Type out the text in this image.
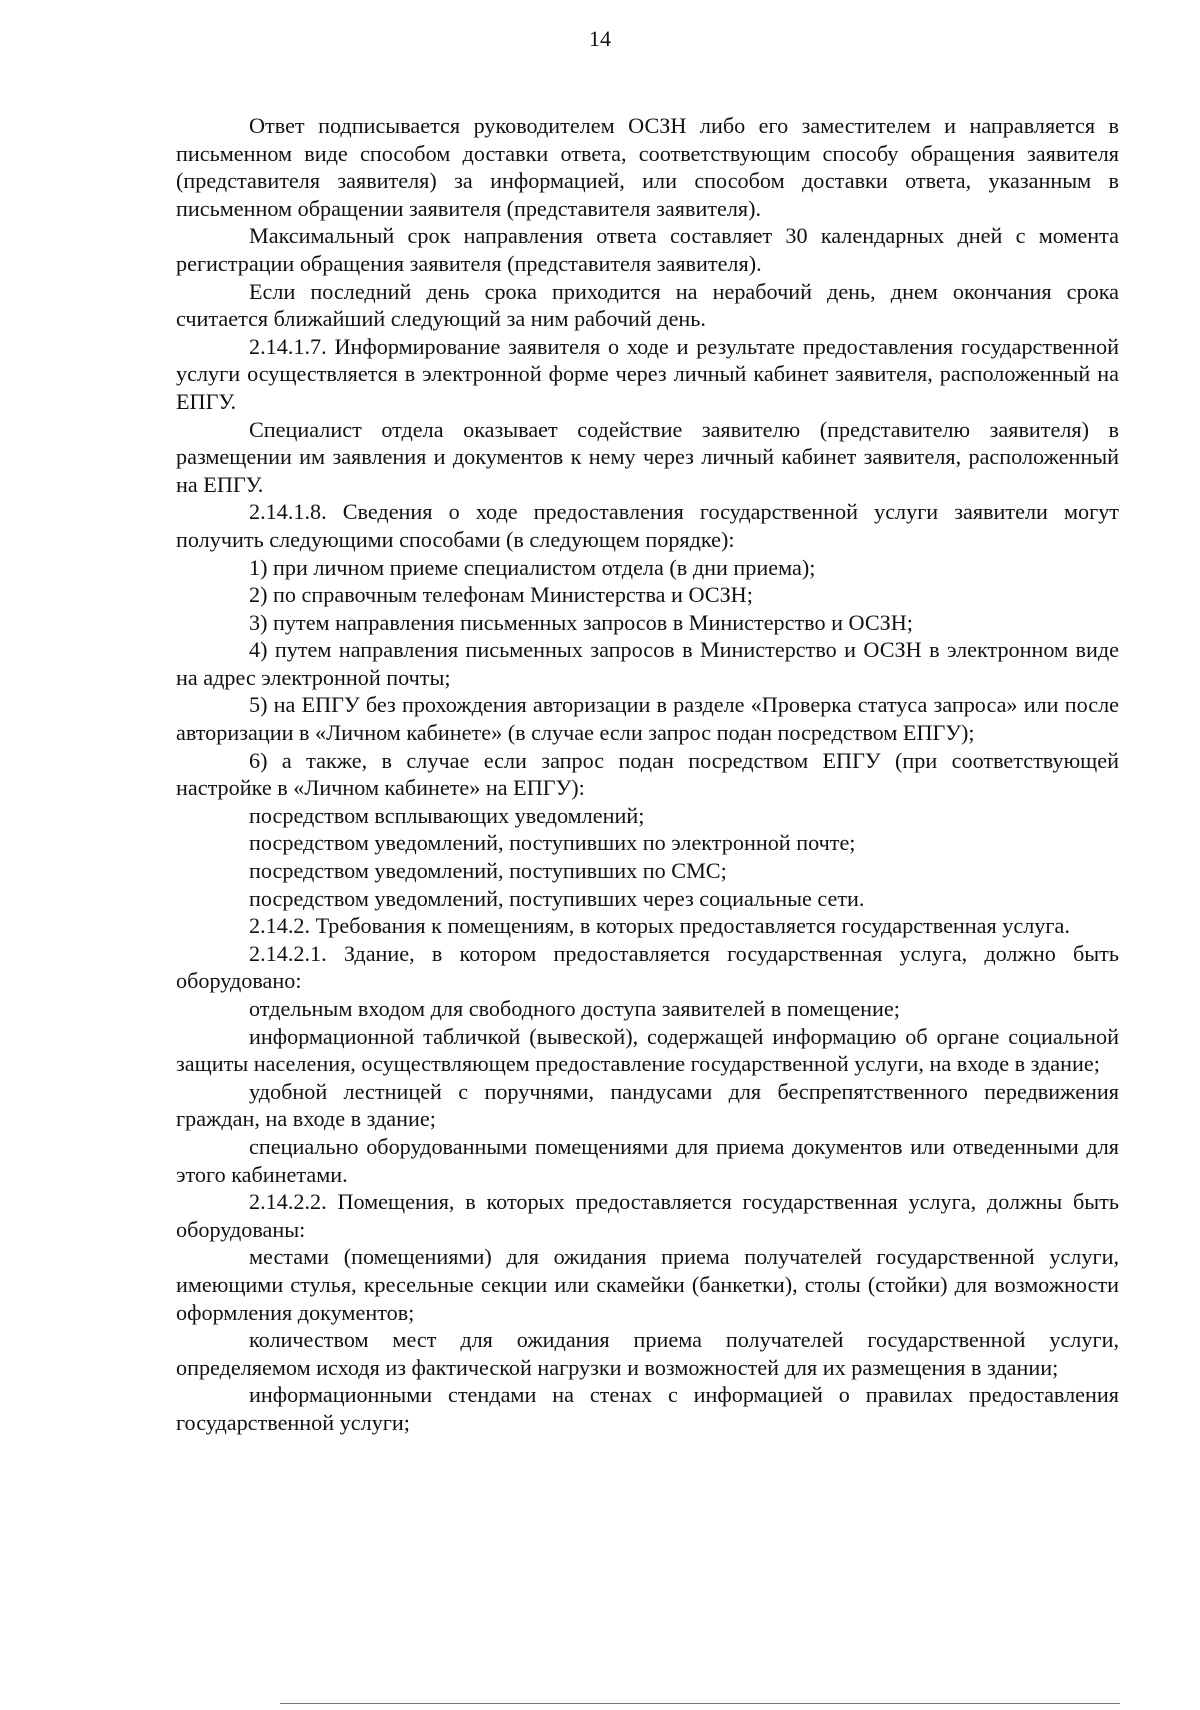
14

Ответ подписывается руководителем ОСЗН либо его заместителем и направляется в письменном виде способом доставки ответа, соответствующим способу обращения заявителя (представителя заявителя) за информацией, или способом доставки ответа, указанным в письменном обращении заявителя (представителя заявителя).

Максимальный срок направления ответа составляет 30 календарных дней с момента регистрации обращения заявителя (представителя заявителя).

Если последний день срока приходится на нерабочий день, днем окончания срока считается ближайший следующий за ним рабочий день.

2.14.1.7. Информирование заявителя о ходе и результате предоставления государственной услуги осуществляется в электронной форме через личный кабинет заявителя, расположенный на ЕПГУ.

Специалист отдела оказывает содействие заявителю (представителю заявителя) в размещении им заявления и документов к нему через личный кабинет заявителя, расположенный на ЕПГУ.

2.14.1.8. Сведения о ходе предоставления государственной услуги заявители могут получить следующими способами (в следующем порядке):

1) при личном приеме специалистом отдела (в дни приема);

2) по справочным телефонам Министерства и ОСЗН;

3) путем направления письменных запросов в Министерство и ОСЗН;

4) путем направления письменных запросов в Министерство и ОСЗН в электронном виде на адрес электронной почты;

5) на ЕПГУ без прохождения авторизации в разделе «Проверка статуса запроса» или после авторизации в «Личном кабинете» (в случае если запрос подан посредством ЕПГУ);

6) а также, в случае если запрос подан посредством ЕПГУ (при соответствующей настройке в «Личном кабинете» на ЕПГУ):

посредством всплывающих уведомлений;

посредством уведомлений, поступивших по электронной почте;

посредством уведомлений, поступивших по СМС;

посредством уведомлений, поступивших через социальные сети.

2.14.2. Требования к помещениям, в которых предоставляется государственная услуга.

2.14.2.1. Здание, в котором предоставляется государственная услуга, должно быть оборудовано:

отдельным входом для свободного доступа заявителей в помещение;

информационной табличкой (вывеской), содержащей информацию об органе социальной защиты населения, осуществляющем предоставление государственной услуги, на входе в здание;

удобной лестницей с поручнями, пандусами для беспрепятственного передвижения граждан, на входе в здание;

специально оборудованными помещениями для приема документов или отведенными для этого кабинетами.

2.14.2.2. Помещения, в которых предоставляется государственная услуга, должны быть оборудованы:

местами (помещениями) для ожидания приема получателей государственной услуги, имеющими стулья, кресельные секции или скамейки (банкетки), столы (стойки) для возможности оформления документов;

количеством мест для ожидания приема получателей государственной услуги, определяемом исходя из фактической нагрузки и возможностей для их размещения в здании;

информационными стендами на стенах с информацией о правилах предоставления государственной услуги;
